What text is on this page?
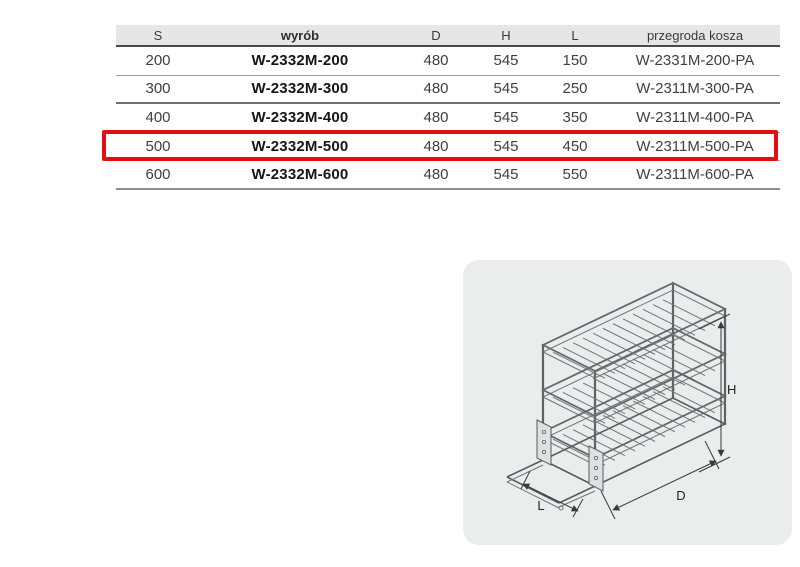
S	wyrób	D	H	L	przegroda kosza
200	W-2332M-200	480	545	150	W-2331M-200-PA
300	W-2332M-300	480	545	250	W-2311M-300-PA
400	W-2332M-400	480	545	350	W-2311M-400-PA
500	W-2332M-500	480	545	450	W-2311M-500-PA
600	W-2332M-600	480	545	550	W-2311M-600-PA
H
D
L
